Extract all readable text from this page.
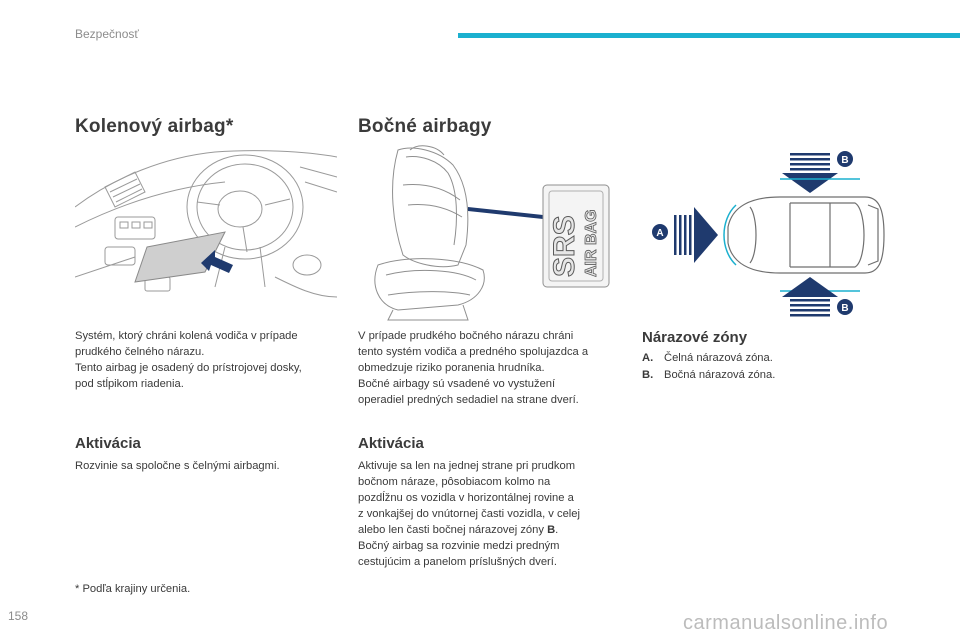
Bezpečnosť
Kolenový airbag*	Bočné airbagy

Systém, ktorý chráni kolená vodiča v prípade

prudkého čelného nárazu.

Tento airbag je osadený do prístrojovej dosky,

pod stĺpikom riadenia.

Aktivácia
Rozvinie sa spoločne s čelnými airbagmi.
* Podľa krajiny určenia.
SRS AIR BAG

V prípade prudkého bočného nárazu chráni

tento systém vodiča a predného spolujazdca a

obmedzuje riziko poranenia hrudníka.

Bočné airbagy sú vsadené vo vystužení

operadiel predných sedadiel na strane dverí.

Aktivácia

Aktivuje sa len na jednej strane pri prudkom

bočnom náraze, pôsobiacom kolmo na

pozdĺžnu os vozidla v horizontálnej rovine a

z vonkajšej do vnútornej časti vozidla, v celej

alebo len časti bočnej nárazovej zóny B.

Bočný airbag sa rozvinie medzi predným

cestujúcim a panelom príslušných dverí.

B
A
B
Nárazové zóny
A. Čelná nárazová zóna.
B. Bočná nárazová zóna.
158	carmanualsonline.info
